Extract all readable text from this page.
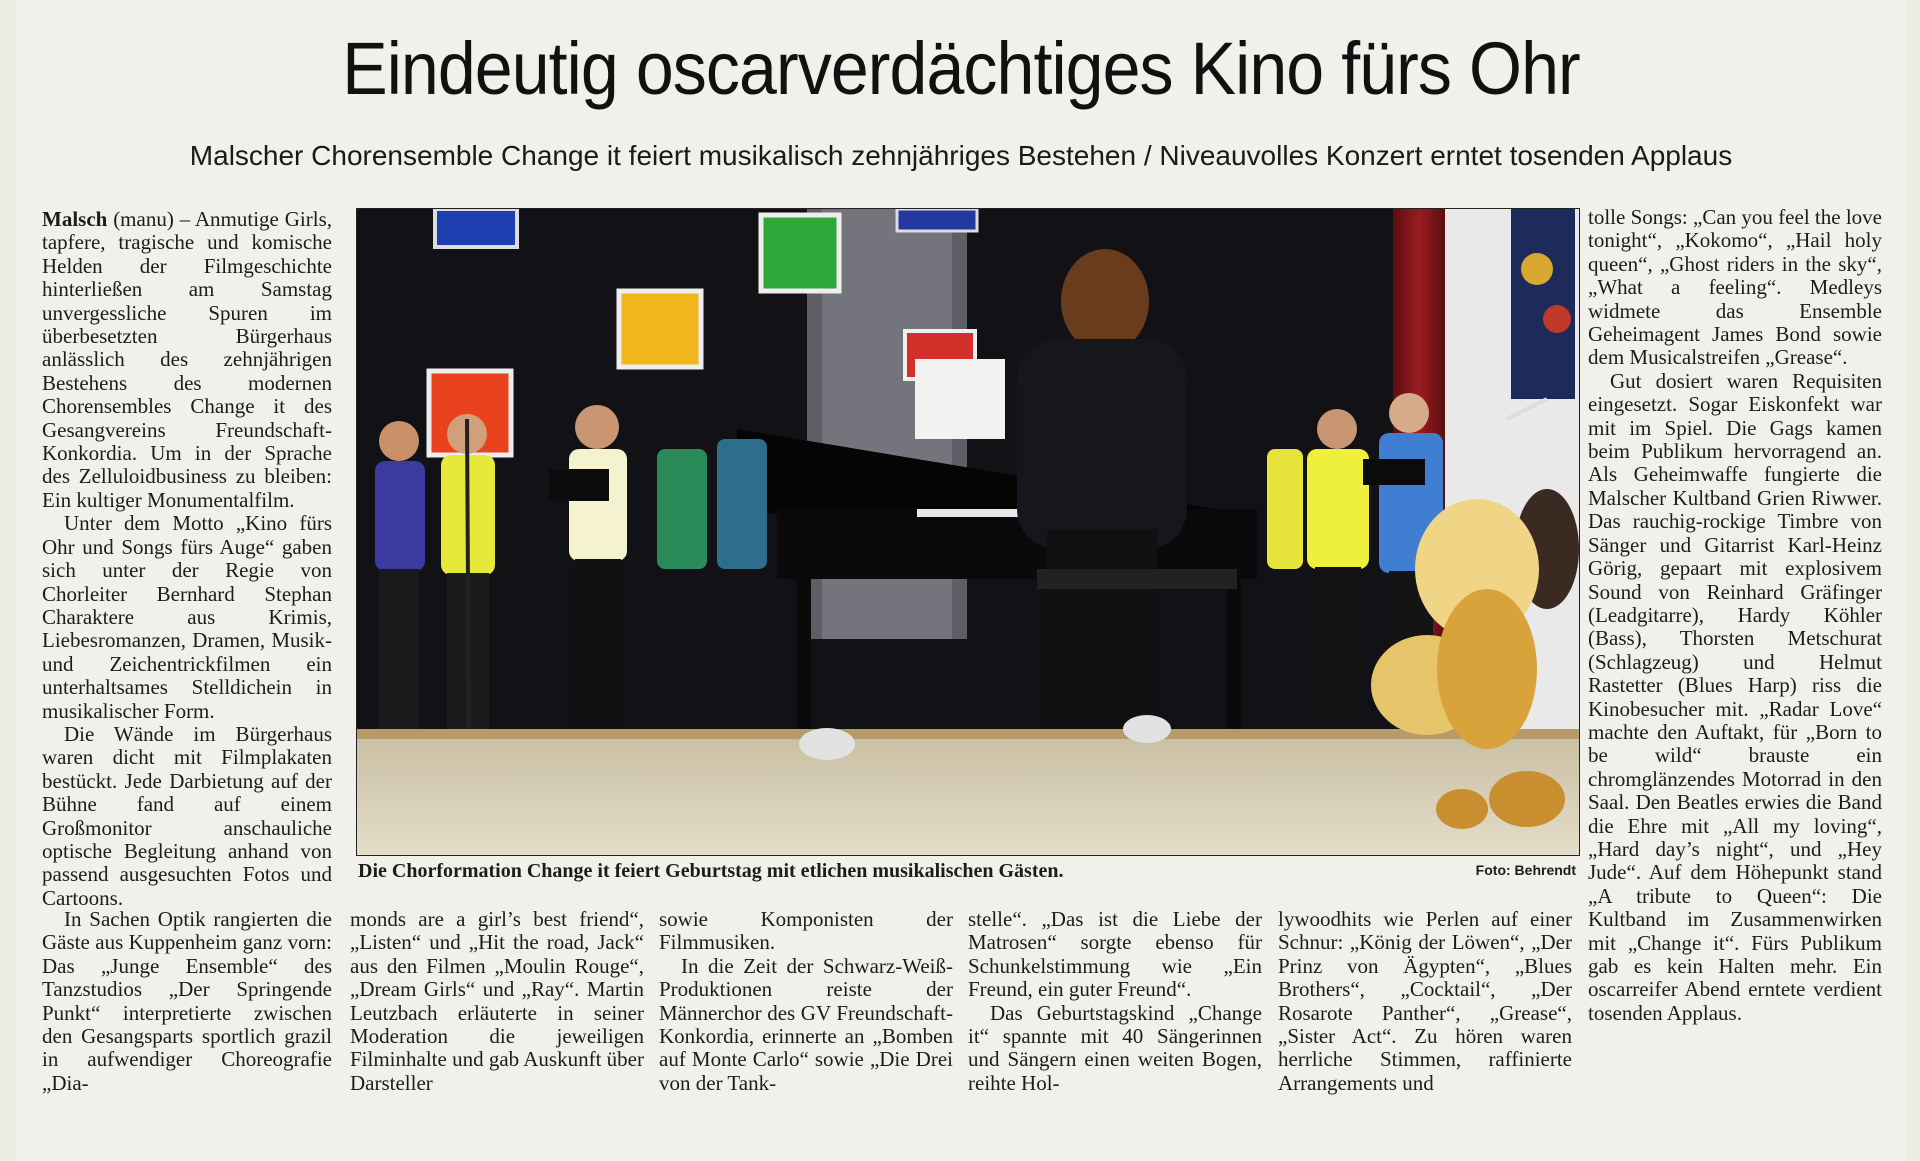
Eindeutig oscarverdächtiges Kino fürs Ohr
Malscher Chorensemble Change it feiert musikalisch zehnjähriges Bestehen / Niveauvolles Konzert erntet tosenden Applaus

Malsch (manu) – Anmutige Girls, tapfere, tragische und komische Helden der Filmgeschichte hinterließen am Samstag unvergessliche Spuren im überbesetzten Bürgerhaus anlässlich des zehnjährigen Bestehens des modernen Chorensembles Change it des Gesangvereins Freundschaft-Konkordia. Um in der Sprache des Zelluloidbusiness zu bleiben: Ein kultiger Monumentalfilm.

Unter dem Motto „Kino fürs Ohr und Songs fürs Auge“ gaben sich unter der Regie von Chorleiter Bernhard Stephan Charaktere aus Krimis, Liebesromanzen, Dramen, Musik- und Zeichentrickfilmen ein unterhaltsames Stelldichein in musikalischer Form.

Die Wände im Bürgerhaus waren dicht mit Filmplakaten bestückt. Jede Darbietung auf der Bühne fand auf einem Großmonitor anschauliche optische Begleitung anhand von passend ausgesuchten Fotos und Cartoons.

Die Chorformation Change it feiert Geburtstag mit etlichen musikalischen Gästen.	Foto: Behrendt

In Sachen Optik rangierten die Gäste aus Kuppenheim ganz vorn: Das „Junge Ensemble“ des Tanzstudios „Der Springende Punkt“ interpretierte zwischen den Gesangsparts sportlich grazil in aufwendiger Choreografie „Dia-

monds are a girl’s best friend“, „Listen“ und „Hit the road, Jack“ aus den Filmen „Moulin Rouge“, „Dream Girls“ und „Ray“. Martin Leutzbach erläuterte in seiner Moderation die jeweiligen Filminhalte und gab Auskunft über Darsteller

sowie Komponisten der Filmmusiken.

In die Zeit der Schwarz-Weiß-Produktionen reiste der Männerchor des GV Freundschaft-Konkordia, erinnerte an „Bomben auf Monte Carlo“ sowie „Die Drei von der Tank-

stelle“. „Das ist die Liebe der Matrosen“ sorgte ebenso für Schunkelstimmung wie „Ein Freund, ein guter Freund“.

Das Geburtstagskind „Change it“ spannte mit 40 Sängerinnen und Sängern einen weiten Bogen, reihte Hol-

lywoodhits wie Perlen auf einer Schnur: „König der Löwen“, „Der Prinz von Ägypten“, „Blues Brothers“, „Cocktail“, „Der Rosarote Panther“, „Grease“, „Sister Act“. Zu hören waren herrliche Stimmen, raffinierte Arrangements und

tolle Songs: „Can you feel the love tonight“, „Kokomo“, „Hail holy queen“, „Ghost riders in the sky“, „What a feeling“. Medleys widmete das Ensemble Geheimagent James Bond sowie dem Musicalstreifen „Grease“.

Gut dosiert waren Requisiten eingesetzt. Sogar Eiskonfekt war mit im Spiel. Die Gags kamen beim Publikum hervorragend an. Als Geheimwaffe fungierte die Malscher Kultband Grien Riwwer. Das rauchig-rockige Timbre von Sänger und Gitarrist Karl-Heinz Görig, gepaart mit explosivem Sound von Reinhard Gräfinger (Leadgitarre), Hardy Köhler (Bass), Thorsten Metschurat (Schlagzeug) und Helmut Rastetter (Blues Harp) riss die Kinobesucher mit. „Radar Love“ machte den Auftakt, für „Born to be wild“ brauste ein chromglänzendes Motorrad in den Saal. Den Beatles erwies die Band die Ehre mit „All my loving“, „Hard day’s night“, und „Hey Jude“. Auf dem Höhepunkt stand „A tribute to Queen“: Die Kultband im Zusammenwirken mit „Change it“. Fürs Publikum gab es kein Halten mehr. Ein oscarreifer Abend erntete verdient tosenden Applaus.
